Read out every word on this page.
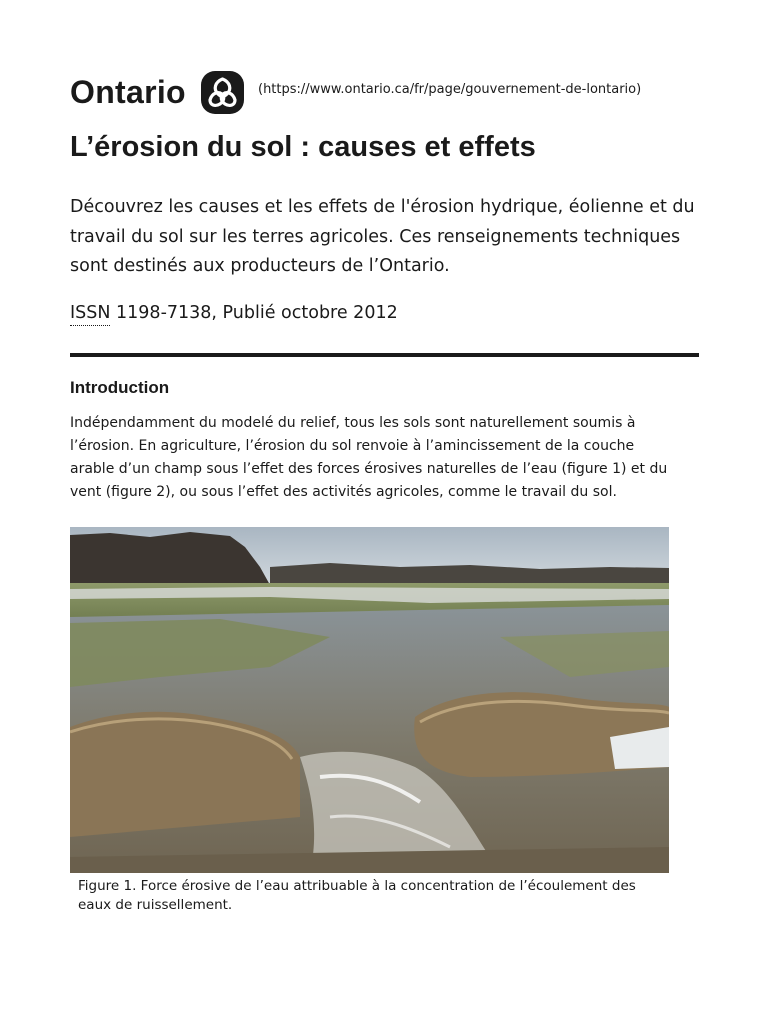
Ontario	(https://www.ontario.ca/fr/page/gouvernement-de-lontario)
L’érosion du sol : causes et effets

Découvrez les causes et les effets de l'érosion hydrique, éolienne et du travail du sol sur les terres agricoles. Ces renseignements techniques sont destinés aux producteurs de l’Ontario.

ISSN 1198-7138, Publié octobre 2012

Introduction

Indépendamment du modelé du relief, tous les sols sont naturellement soumis à l’érosion. En agriculture, l’érosion du sol renvoie à l’amincissement de la couche arable d’un champ sous l’effet des forces érosives naturelles de l’eau (figure 1) et du vent (figure 2), ou sous l’effet des activités agricoles, comme le travail du sol.

Figure 1. Force érosive de l’eau attribuable à la concentration de l’écoulement des eaux de ruissellement.
